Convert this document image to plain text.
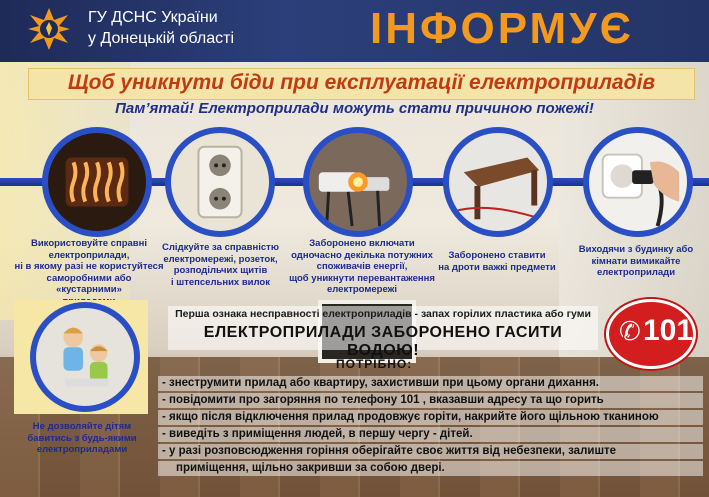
ГУ ДСНС України
у Донецькій області	ІНФОРМУЄ
Щоб уникнути біди при експлуатації електроприладів
Пам’ятай! Електроприлади можуть стати причиною пожежі!
Використовуйте справні
електроприлади,
ні в якому разі не користуйтеся
саморобними або «кустарними»
Слідкуйте за справністю
електромережі, розеток,
розподільчих щитів
і штепсельних вилок
Заборонено включати
одночасно декілька потужних
споживачів енергії,
щоб уникнути перевантаження
електромережі
Заборонено ставити
на дроти важкі предмети
Виходячи з будинку або
кімнати вимикайте
електроприлади
Не дозволяйте дітям
бавитись з будь-якими
електроприладами
Перша ознака несправності електроприладів - запах горілих пластика або гуми
ЕЛЕКТРОПРИЛАДИ ЗАБОРОНЕНО ГАСИТИ ВОДОЮ!
✆ 101
ПОТРІБНО:
- знеструмити прилад або квартиру, захистивши при цьому органи дихання.
- повідомити про загоряння по телефону 101 , вказавши адресу та що горить
- якщо після відключення прилад продовжує горіти, накрийте його щільною тканиною
- виведіть з приміщення людей, в першу чергу - дітей.
- у разі розповсюдження горіння оберігайте своє життя від небезпеки, залиште
приміщення, щільно закривши за собою двері.
